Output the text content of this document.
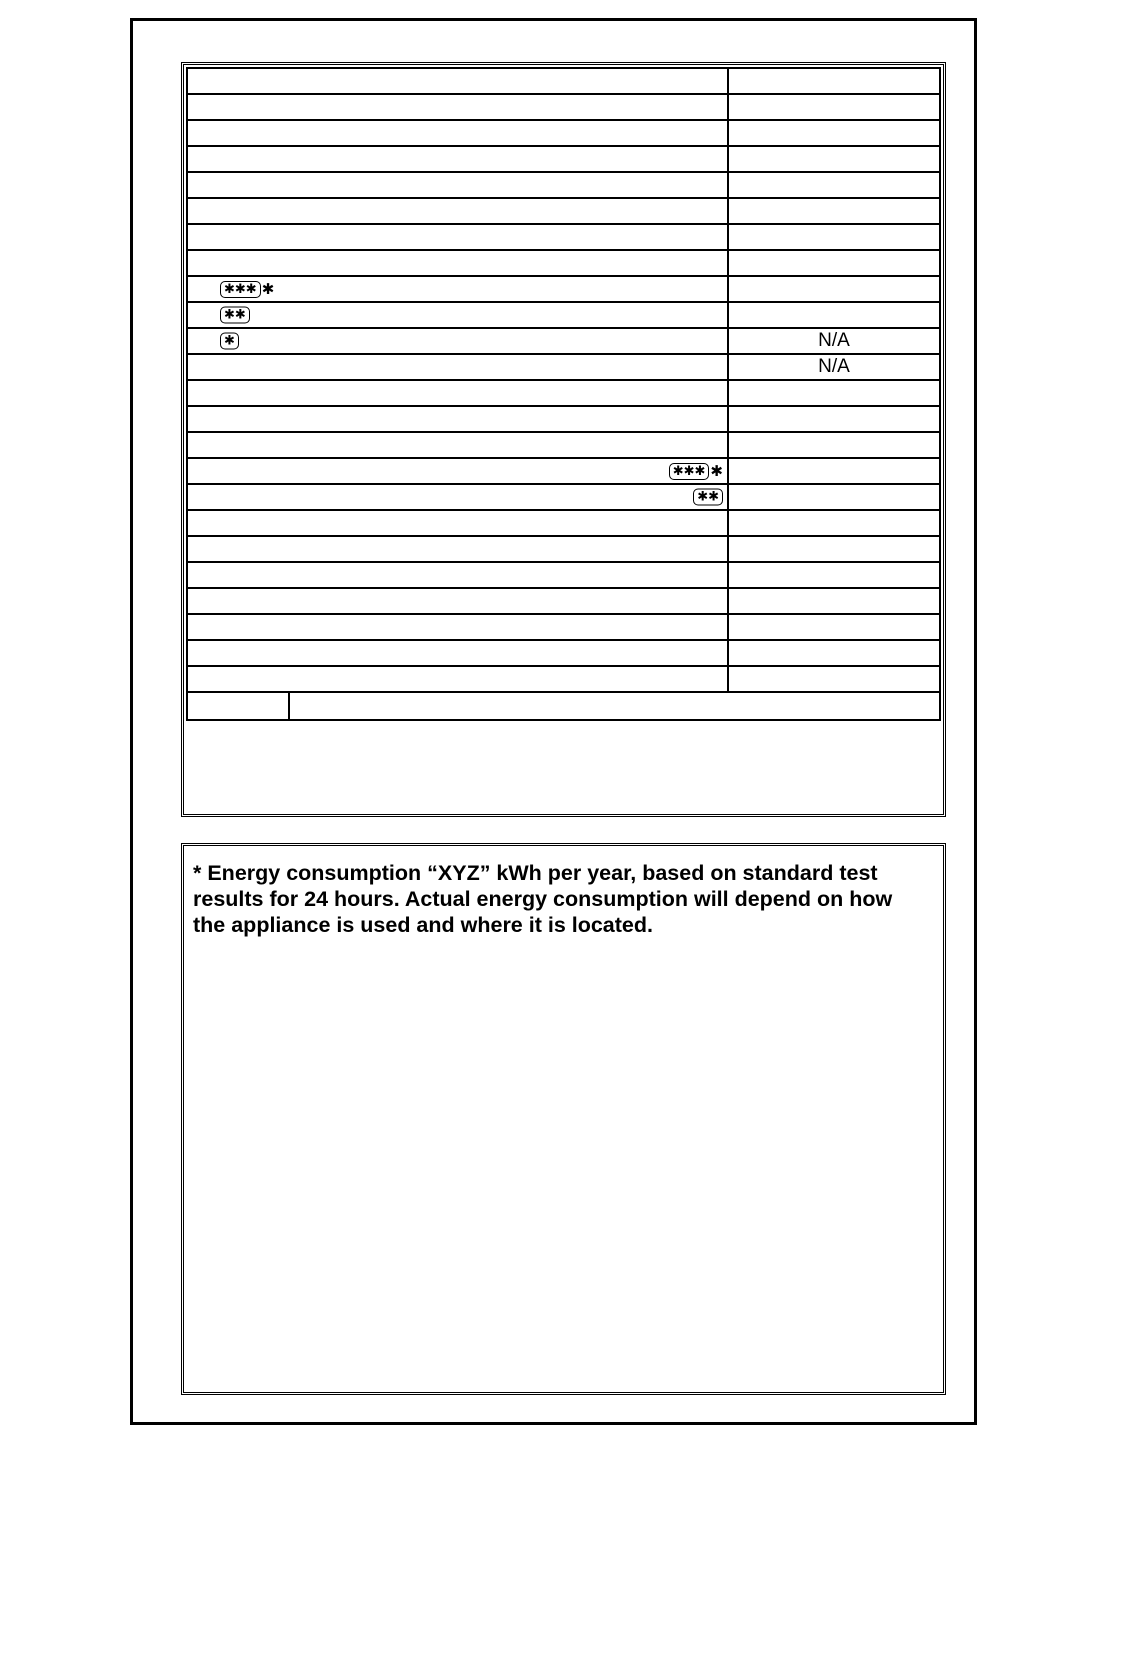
✱✱✱ ✱	

✱✱	

✱	N/A
	N/A

✱✱✱ ✱	

✱✱	

* Energy consumption “XYZ” kWh per year, based on standard test results for 24 hours. Actual energy consumption will depend on how the appliance is used and where it is located.
